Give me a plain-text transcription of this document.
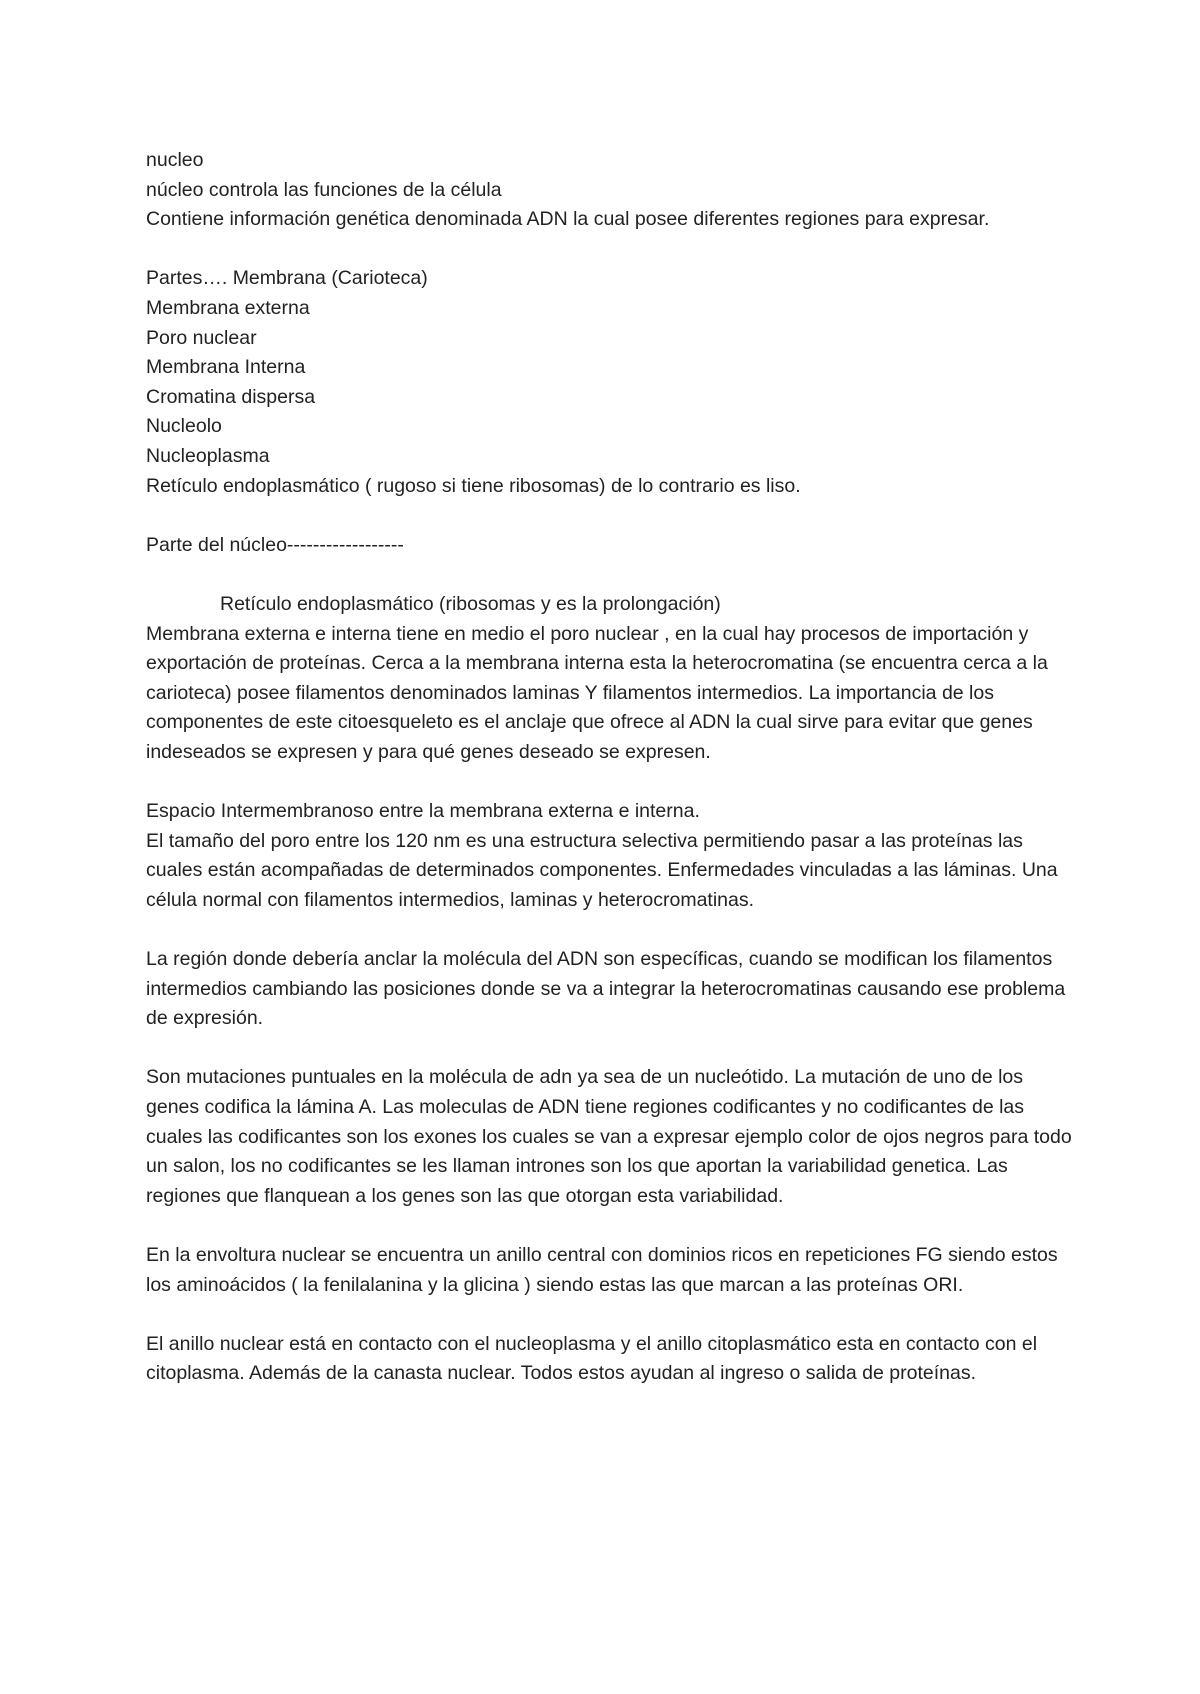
nucleo
núcleo controla las funciones de la célula

Contiene información genética denominada ADN la cual posee diferentes regiones para expresar.

Partes…. Membrana (Carioteca)
Membrana externa
Poro nuclear
Membrana Interna
Cromatina dispersa
Nucleolo
Nucleoplasma
Retículo endoplasmático ( rugoso si tiene ribosomas) de lo contrario es liso.
Parte del núcleo------------------
Retículo endoplasmático (ribosomas y es la prolongación)

Membrana externa e interna tiene en medio el poro nuclear , en la cual hay procesos de importación y exportación de proteínas. Cerca a la membrana interna esta la heterocromatina (se encuentra cerca a la carioteca) posee filamentos denominados laminas Y filamentos intermedios. La importancia de los componentes de este citoesqueleto es el anclaje que ofrece al ADN la cual sirve para evitar que genes indeseados se expresen y para qué genes deseado se expresen.

Espacio Intermembranoso entre la membrana externa e interna.

El tamaño del poro entre los 120 nm es una estructura selectiva permitiendo pasar a las proteínas las cuales están acompañadas de determinados componentes. Enfermedades vinculadas a las láminas. Una célula normal con filamentos intermedios, laminas y heterocromatinas.

La región donde debería anclar la molécula del ADN son específicas, cuando se modifican los filamentos intermedios cambiando las posiciones donde se va a integrar la heterocromatinas causando ese problema de expresión.

Son mutaciones puntuales en la molécula de adn ya sea de un nucleótido. La mutación de uno de los genes codifica la lámina A. Las moleculas de ADN tiene regiones codificantes y no codificantes de las cuales las codificantes son los exones los cuales se van a expresar ejemplo color de ojos negros para todo un salon, los no codificantes se les llaman intrones son los que aportan la variabilidad genetica. Las regiones que flanquean a los genes son las que otorgan esta variabilidad.

En la envoltura nuclear se encuentra un anillo central con dominios ricos en repeticiones FG siendo estos los aminoácidos ( la fenilalanina y la glicina ) siendo estas las que marcan a las proteínas ORI.

El anillo nuclear está en contacto con el nucleoplasma y el anillo citoplasmático esta en contacto con el citoplasma. Además de la canasta nuclear. Todos estos ayudan al ingreso o salida de proteínas.
